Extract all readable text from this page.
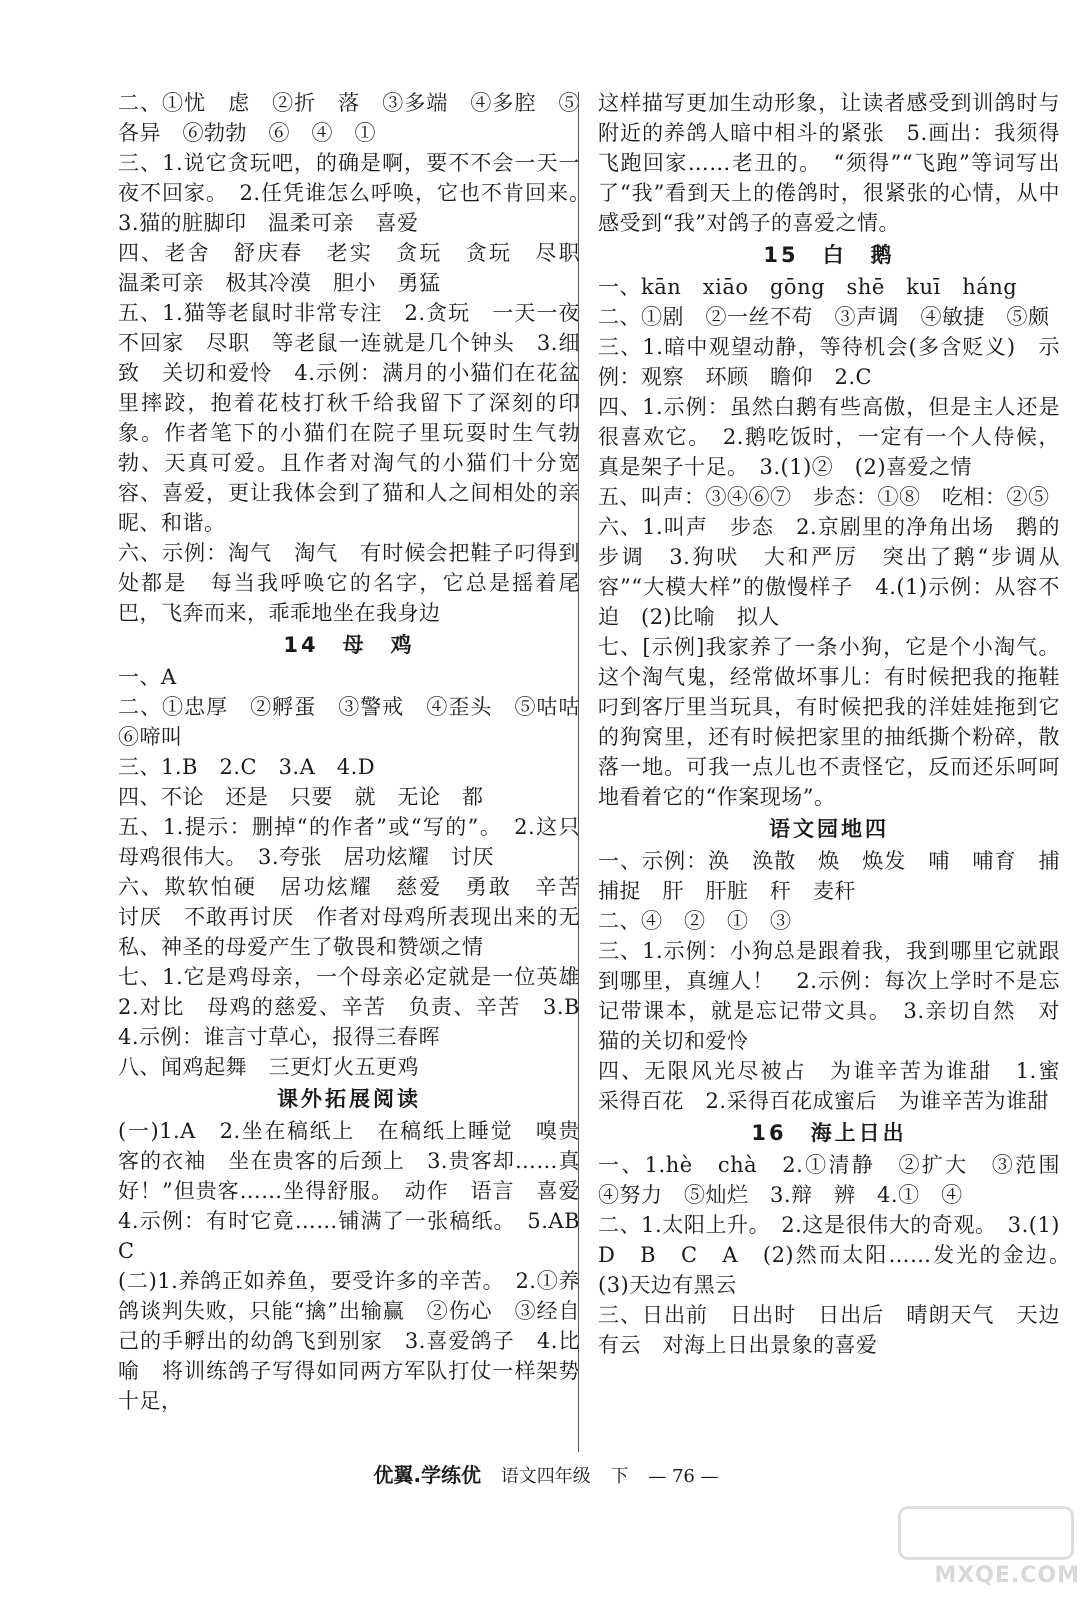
二、①忧　虑　②折　落　③多端　④多腔　⑤各异　⑥勃勃　⑥　④　①

三、1.说它贪玩吧，的确是啊，要不不会一天一夜不回家。　2.任凭谁怎么呼唤，它也不肯回来。　3.猫的脏脚印　温柔可亲　喜爱

四、老舍　舒庆春　老实　贪玩　贪玩　尽职　温柔可亲　极其冷漠　胆小　勇猛

五、1.猫等老鼠时非常专注　2.贪玩　一天一夜不回家　尽职　等老鼠一连就是几个钟头　3.细致　关切和爱怜　4.示例：满月的小猫们在花盆里摔跤，抱着花枝打秋千给我留下了深刻的印象。作者笔下的小猫们在院子里玩耍时生气勃勃、天真可爱。且作者对淘气的小猫们十分宽容、喜爱，更让我体会到了猫和人之间相处的亲昵、和谐。

六、示例：淘气　淘气　有时候会把鞋子叼得到处都是　每当我呼唤它的名字，它总是摇着尾巴，飞奔而来，乖乖地坐在我身边

14　母　鸡

一、A

二、①忠厚　②孵蛋　③警戒　④歪头　⑤咕咕　⑥啼叫

三、1.B　2.C　3.A　4.D

四、不论　还是　只要　就　无论　都

五、1.提示：删掉“的作者”或“写的”。　2.这只母鸡很伟大。　3.夸张　居功炫耀　讨厌

六、欺软怕硬　居功炫耀　慈爱　勇敢　辛苦　讨厌　不敢再讨厌　作者对母鸡所表现出来的无私、神圣的母爱产生了敬畏和赞颂之情

七、1.它是鸡母亲，一个母亲必定就是一位英雄　2.对比　母鸡的慈爱、辛苦　负责、辛苦　3.B　4.示例：谁言寸草心，报得三春晖

八、闻鸡起舞　三更灯火五更鸡

课外拓展阅读

(一)1.A　2.坐在稿纸上　在稿纸上睡觉　嗅贵客的衣袖　坐在贵客的后颈上　3.贵客却……真好！”但贵客……坐得舒服。　动作　语言　喜爱　4.示例：有时它竟……铺满了一张稿纸。　5.ABC

(二)1.养鸽正如养鱼，要受许多的辛苦。　2.①养鸽谈判失败，只能“擒”出输赢　②伤心　③经自己的手孵出的幼鸽飞到别家　3.喜爱鸽子　4.比喻　将训练鸽子写得如同两方军队打仗一样架势十足，

这样描写更加生动形象，让读者感受到训鸽时与附近的养鸽人暗中相斗的紧张　5.画出：我须得飞跑回家……老丑的。　“须得”“飞跑”等词写出了“我”看到天上的倦鸽时，很紧张的心情，从中感受到“我”对鸽子的喜爱之情。

15　白　鹅

一、kān　xiāo　gōng　shē　kuī　háng

二、①剧　②一丝不苟　③声调　④敏捷　⑤颇

三、1.暗中观望动静，等待机会(多含贬义)　示例：观察　环顾　瞻仰　2.C

四、1.示例：虽然白鹅有些高傲，但是主人还是很喜欢它。　2.鹅吃饭时，一定有一个人侍候，真是架子十足。　3.(1)②　(2)喜爱之情

五、叫声：③④⑥⑦　步态：①⑧　吃相：②⑤

六、1.叫声　步态　2.京剧里的净角出场　鹅的步调　3.狗吠　大和严厉　突出了鹅“步调从容”“大模大样”的傲慢样子　4.(1)示例：从容不迫　(2)比喻　拟人

七、[示例]我家养了一条小狗，它是个小淘气。这个淘气鬼，经常做坏事儿：有时候把我的拖鞋叼到客厅里当玩具，有时候把我的洋娃娃拖到它的狗窝里，还有时候把家里的抽纸撕个粉碎，散落一地。可我一点儿也不责怪它，反而还乐呵呵地看着它的“作案现场”。

语文园地四

一、示例：涣　涣散　焕　焕发　哺　哺育　捕　捕捉　肝　肝脏　秆　麦秆

二、④　②　①　③

三、1.示例：小狗总是跟着我，我到哪里它就跟到哪里，真缠人！　2.示例：每次上学时不是忘记带课本，就是忘记带文具。　3.亲切自然　对猫的关切和爱怜

四、无限风光尽被占　为谁辛苦为谁甜　1.蜜　采得百花　2.采得百花成蜜后　为谁辛苦为谁甜

16　海上日出

一、1.hè　chà　2.①清静　②扩大　③范围　④努力　⑤灿烂　3.辩　辨　4.①　④

二、1.太阳上升。　2.这是很伟大的奇观。　3.(1)D　B　C　A　(2)然而太阳……发光的金边。　(3)天边有黑云

三、日出前　日出时　日出后　晴朗天气　天边有云　对海上日出景象的喜爱

优翼.学练优 语文四年级 下 — 76 —
MXQE.COM
